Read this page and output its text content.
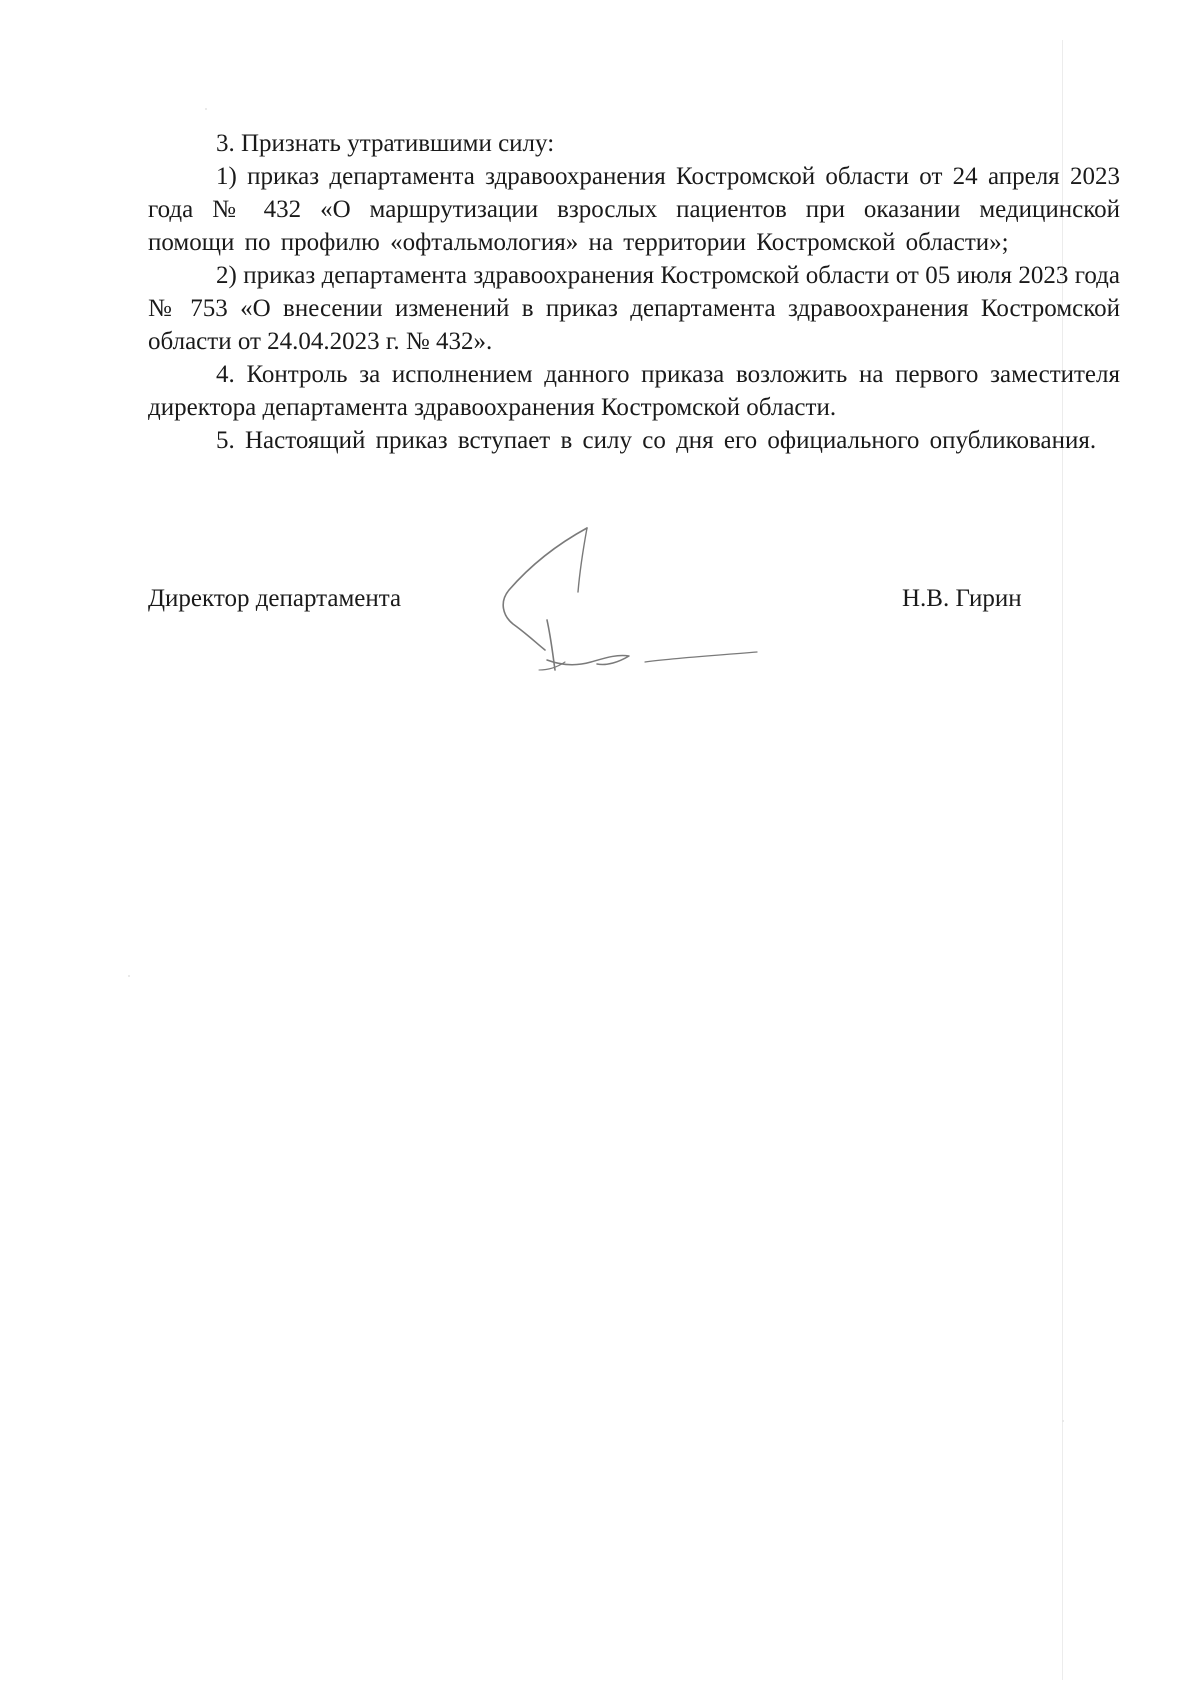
3. Признать утратившими силу:

1) приказ департамента здравоохранения Костромской области от 24 апреля 2023 года № 432 «О маршрутизации взрослых пациентов при оказании медицинской помощи по профилю «офтальмология» на территории Костромской области»;

2) приказ департамента здравоохранения Костромской области от 05 июля 2023 года № 753 «О внесении изменений в приказ департамента здравоохранения Костромской области от 24.04.2023 г. № 432».

4. Контроль за исполнением данного приказа возложить на первого заместителя директора департамента здравоохранения Костромской области.

5. Настоящий приказ вступает в силу со дня его официального опубликования.

Директор департамента	Н.В. Гирин
